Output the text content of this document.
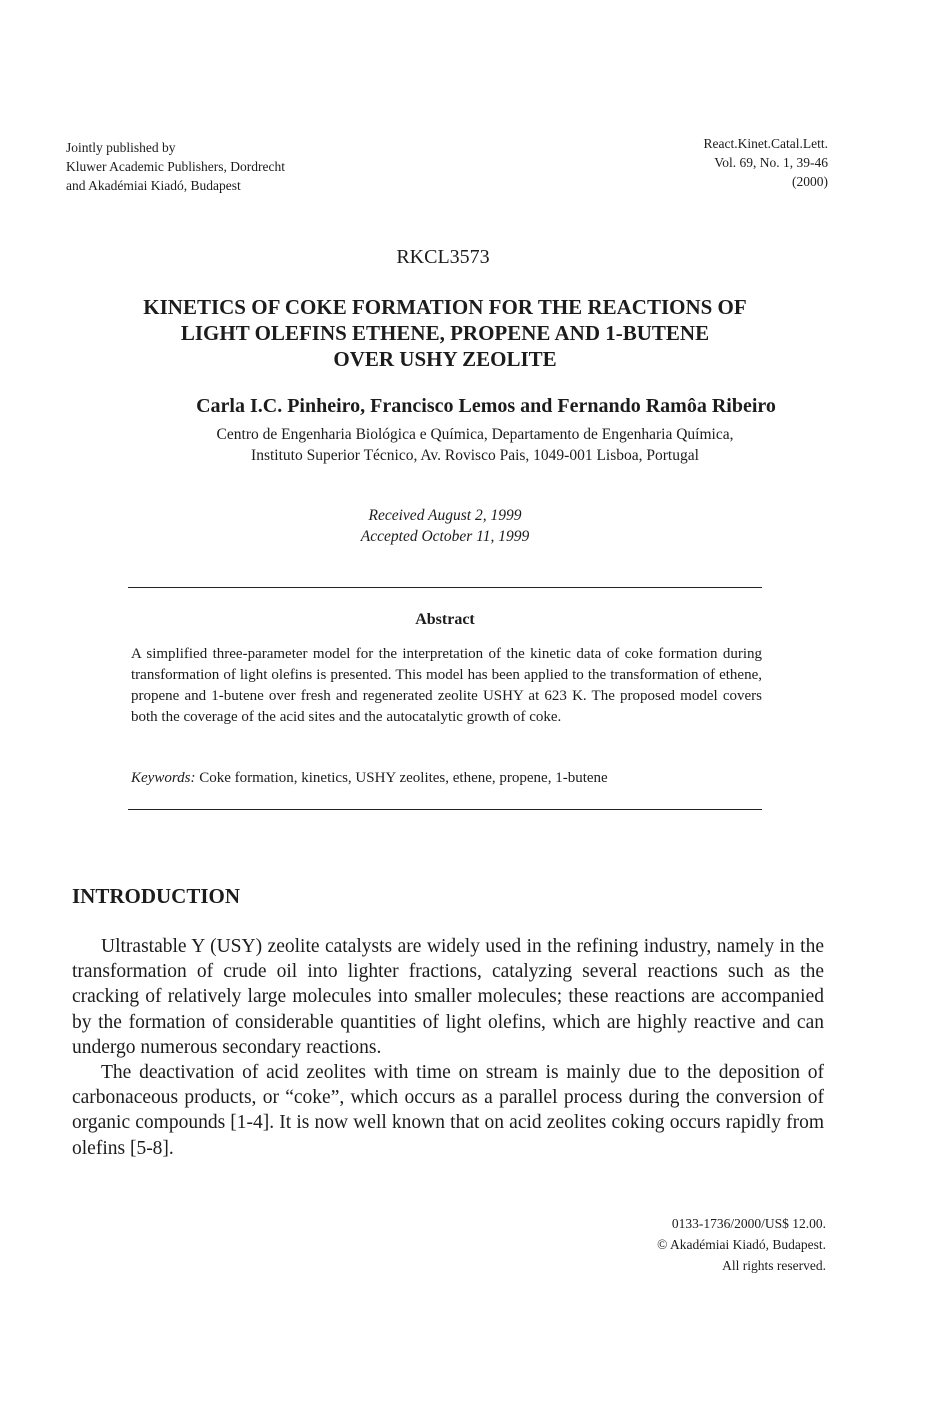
Jointly published by
Kluwer Academic Publishers, Dordrecht
and Akadémiai Kiadó, Budapest
React.Kinet.Catal.Lett.
Vol. 69, No. 1, 39-46
(2000)
RKCL3573
KINETICS OF COKE FORMATION FOR THE REACTIONS OF
LIGHT OLEFINS ETHENE, PROPENE AND 1-BUTENE
OVER USHY ZEOLITE
Carla I.C. Pinheiro, Francisco Lemos and Fernando Ramôa Ribeiro
Centro de Engenharia Biológica e Química, Departamento de Engenharia Química,
Instituto Superior Técnico, Av. Rovisco Pais, 1049-001 Lisboa, Portugal
Received August 2, 1999
Accepted October 11, 1999
Abstract
A simplified three-parameter model for the interpretation of the kinetic data of coke formation during transformation of light olefins is presented. This model has been applied to the transformation of ethene, propene and 1-butene over fresh and regenerated zeolite USHY at 623 K. The proposed model covers both the coverage of the acid sites and the autocatalytic growth of coke.
Keywords: Coke formation, kinetics, USHY zeolites, ethene, propene, 1-butene
INTRODUCTION

Ultrastable Y (USY) zeolite catalysts are widely used in the refining industry, namely in the transformation of crude oil into lighter fractions, catalyzing several reactions such as the cracking of relatively large molecules into smaller molecules; these reactions are accompanied by the formation of considerable quantities of light olefins, which are highly reactive and can undergo numerous secondary reactions.

The deactivation of acid zeolites with time on stream is mainly due to the deposition of carbonaceous products, or “coke”, which occurs as a parallel process during the conversion of organic compounds [1-4]. It is now well known that on acid zeolites coking occurs rapidly from olefins [5-8].

0133-1736/2000/US$ 12.00.
© Akadémiai Kiadó, Budapest.
All rights reserved.
